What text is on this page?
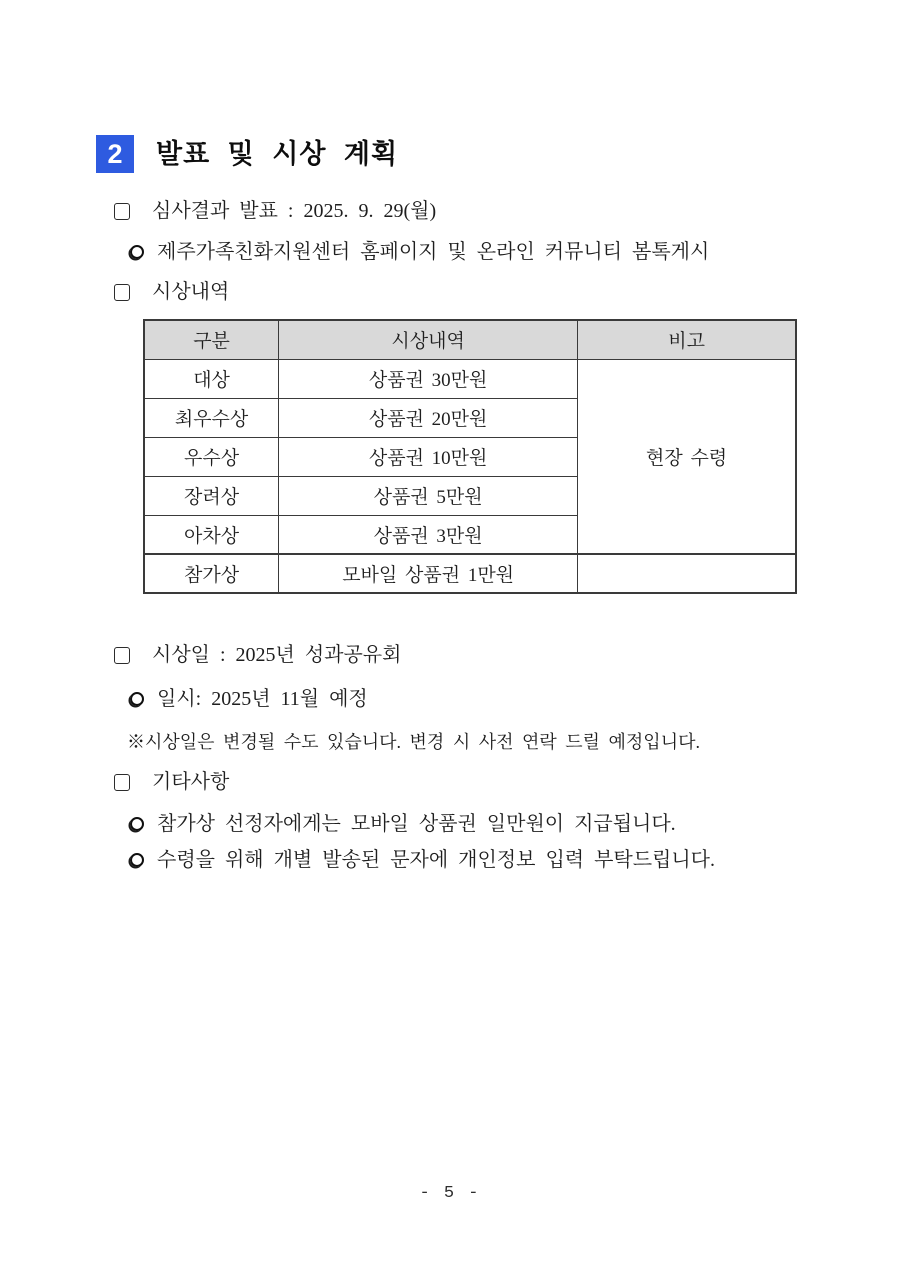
2 발표 및 시상 계획
심사결과 발표 : 2025. 9. 29(월)
제주가족친화지원센터 홈페이지 및 온라인 커뮤니티 봄톡게시
시상내역
구분	시상내역	비고
대상	상품권 30만원	현장 수령
최우수상	상품권 20만원	
우수상	상품권 10만원	
장려상	상품권 5만원	
아차상	상품권 3만원	
참가상	모바일 상품권 1만원	
시상일 : 2025년 성과공유회
일시: 2025년 11월 예정
※시상일은 변경될 수도 있습니다. 변경 시 사전 연락 드릴 예정입니다.
기타사항
참가상 선정자에게는 모바일 상품권 일만원이 지급됩니다.
수령을 위해 개별 발송된 문자에 개인정보 입력 부탁드립니다.
- 5 -
